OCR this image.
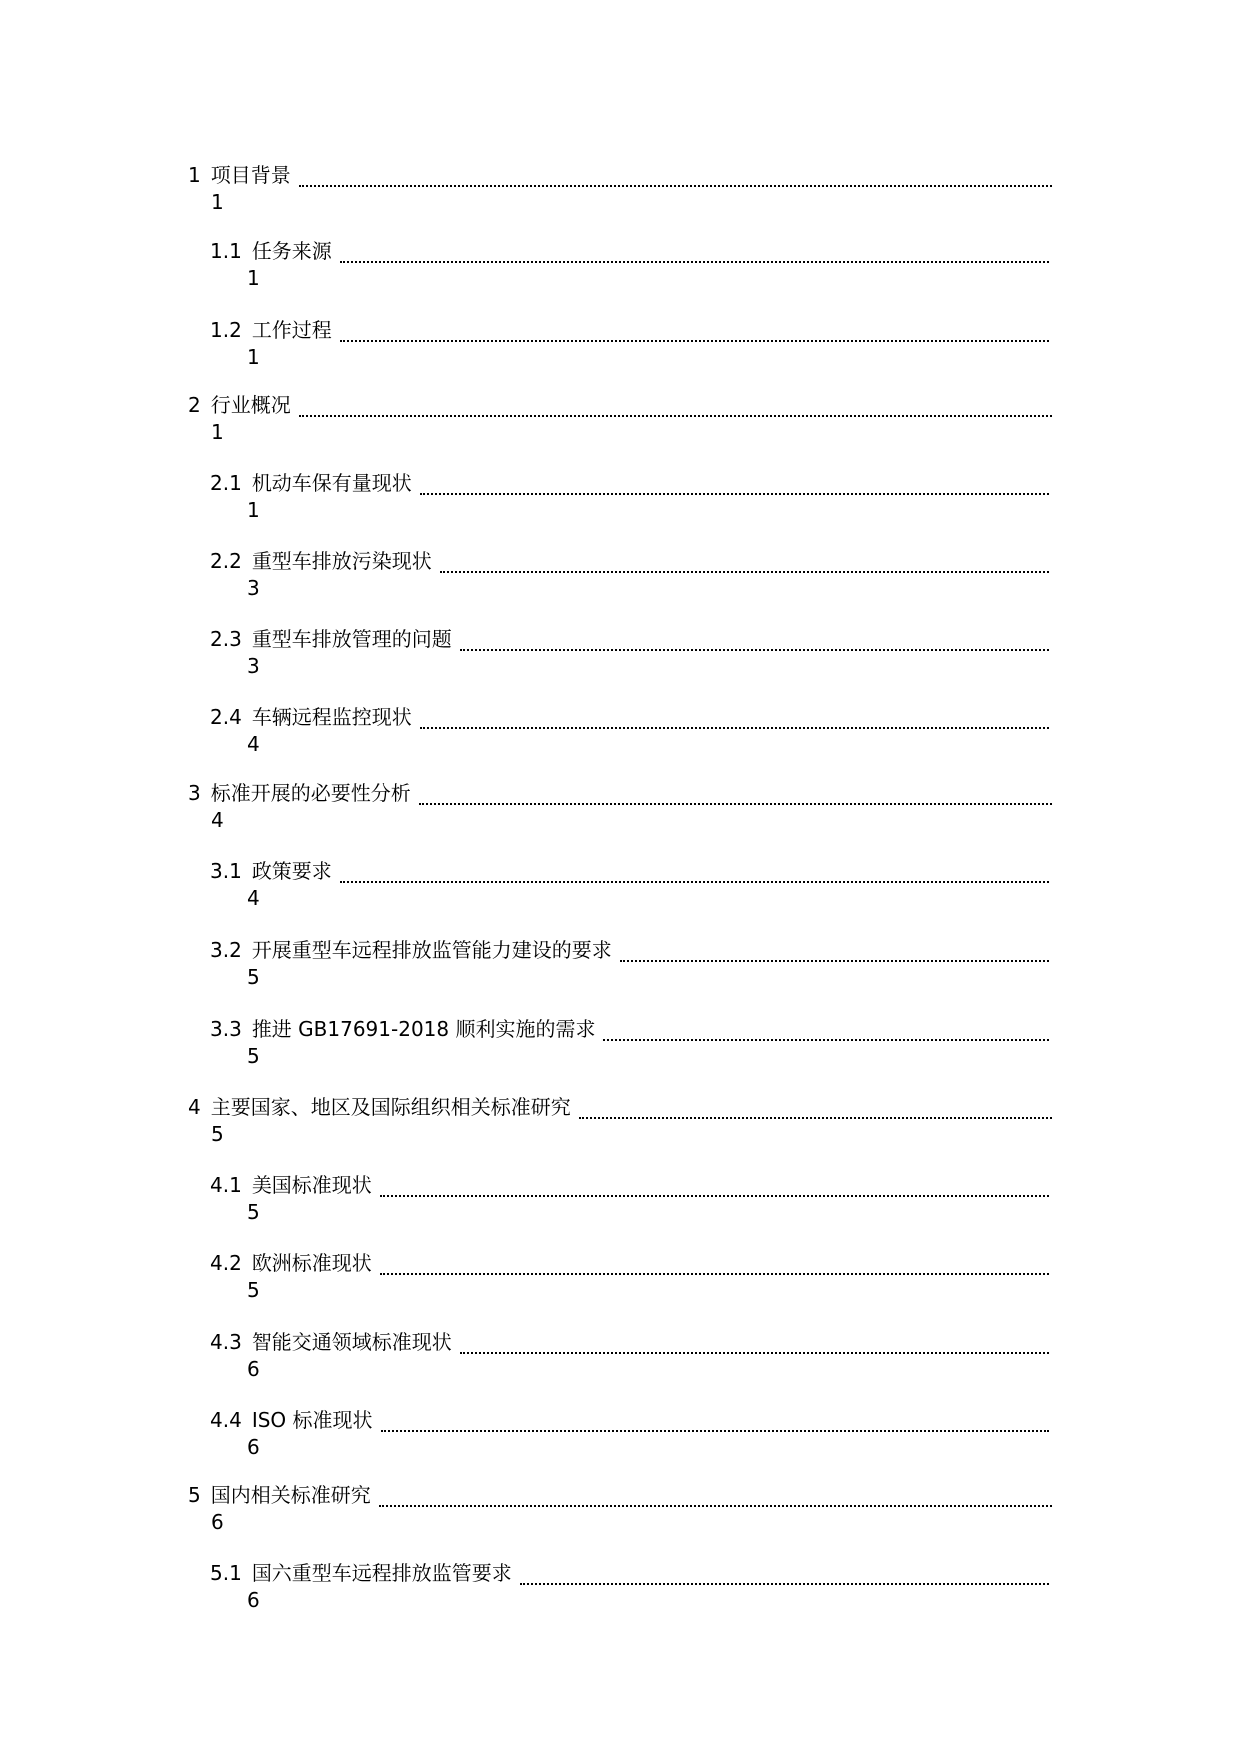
1 项目背景
1
1.1 任务来源
1
1.2 工作过程
1
2 行业概况
1
2.1 机动车保有量现状
1
2.2 重型车排放污染现状
3
2.3 重型车排放管理的问题
3
2.4 车辆远程监控现状
4
3 标准开展的必要性分析
4
3.1 政策要求
4
3.2 开展重型车远程排放监管能力建设的要求
5
3.3 推进 GB17691-2018 顺利实施的需求
5
4 主要国家、地区及国际组织相关标准研究
5
4.1 美国标准现状
5
4.2 欧洲标准现状
5
4.3 智能交通领域标准现状
6
4.4 ISO 标准现状
6
5 国内相关标准研究
6
5.1 国六重型车远程排放监管要求
6
